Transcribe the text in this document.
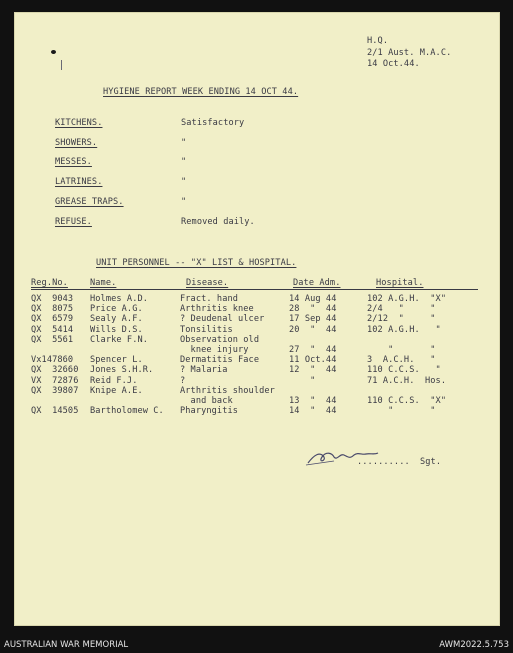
H.Q.
2/1 Aust. M.A.C.
14 Oct.44.
HYGIENE REPORT WEEK ENDING 14 OCT 44.
KITCHENS.	Satisfactory
SHOWERS.	"
MESSES.	"
LATRINES.	"
GREASE TRAPS.	"
REFUSE.	Removed daily.
UNIT PERSONNEL -- "X" LIST & HOSPITAL.
Reg.No.	Name.	Disease.	Date Adm.	Hospital.
QX  9043 Holmes A.D.	Fract. hand	14 Aug 44	102 A.G.H.  "X"
QX  8075 Price A.G.	Arthritis knee	28  "  44	2/4   "     "
QX  6579 Sealy A.F.	? Deudenal ulcer	17 Sep 44	2/12  "     "
QX  5414 Wills D.S.	Tonsilitis	20  "  44	102 A.G.H.   "
QX  5561 Clarke F.N.	Observation old
knee injury	27  "  44	"       "
Vx147860 Spencer L.	Dermatitis Face	11 Oct.44	3  A.C.H.   "
QX  32660 Jones S.H.R.	? Malaria	12  "  44	110 C.C.S.   "
VX  72876 Reid F.J.	?	"	71 A.C.H.  Hos.
QX  39807 Knipe A.E.	Arthritis shoulder
and back	13  "  44	110 C.C.S.  "X"
QX  14505 Bartholomew C. Pharyngitis	14  "  44	"       "
.......... Sgt.
AUSTRALIAN WAR MEMORIAL	AWM2022.5.753
